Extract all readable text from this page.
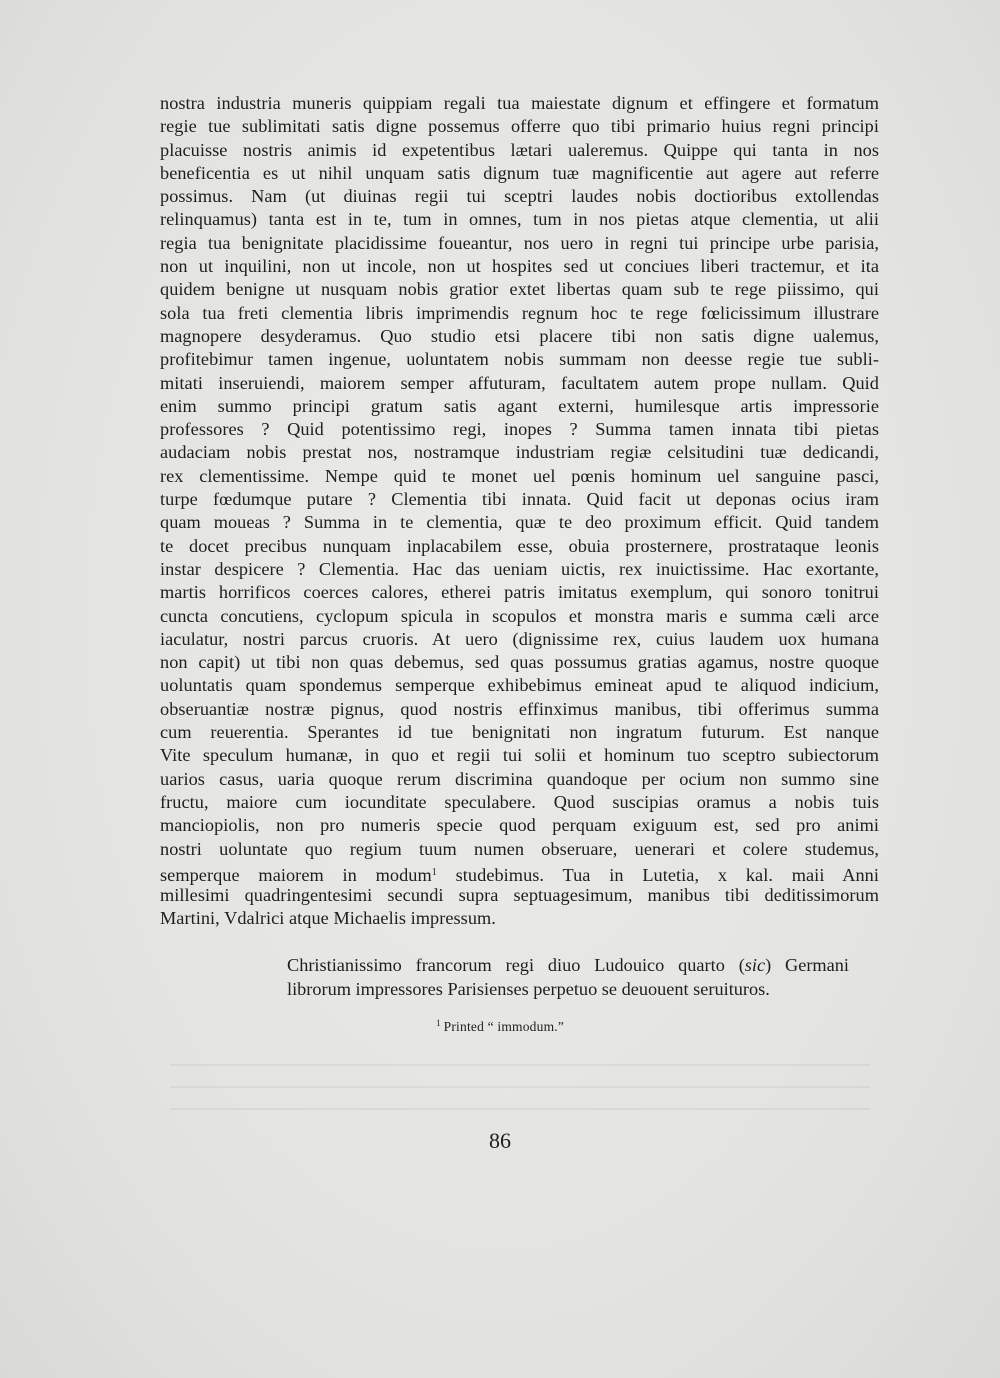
nostra industria muneris quippiam regali tua maiestate dignum et effingere et formatum
regie tue sublimitati satis digne possemus offerre quo tibi primario huius regni principi
placuisse nostris animis id expetentibus lætari ualeremus. Quippe qui tanta in nos
beneficentia es ut nihil unquam satis dignum tuæ magnificentie aut agere aut referre
possimus. Nam (ut diuinas regii tui sceptri laudes nobis doctioribus extollendas
relinquamus) tanta est in te, tum in omnes, tum in nos pietas atque clementia, ut alii
regia tua benignitate placidissime foueantur, nos uero in regni tui principe urbe parisia,
non ut inquilini, non ut incole, non ut hospites sed ut conciues liberi tractemur, et ita
quidem benigne ut nusquam nobis gratior extet libertas quam sub te rege piissimo, qui
sola tua freti clementia libris imprimendis regnum hoc te rege fœlicissimum illustrare
magnopere desyderamus. Quo studio etsi placere tibi non satis digne ualemus,
profitebimur tamen ingenue, uoluntatem nobis summam non deesse regie tue subli-
mitati inseruiendi, maiorem semper affuturam, facultatem autem prope nullam. Quid
enim summo principi gratum satis agant externi, humilesque artis impressorie
professores ? Quid potentissimo regi, inopes ? Summa tamen innata tibi pietas
audaciam nobis prestat nos, nostramque industriam regiæ celsitudini tuæ dedicandi,
rex clementissime. Nempe quid te monet uel pœnis hominum uel sanguine pasci,
turpe fœdumque putare ? Clementia tibi innata. Quid facit ut deponas ocius iram
quam moueas ? Summa in te clementia, quæ te deo proximum efficit. Quid tandem
te docet precibus nunquam inplacabilem esse, obuia prosternere, prostrataque leonis
instar despicere ? Clementia. Hac das ueniam uictis, rex inuictissime. Hac exortante,
martis horrificos coerces calores, etherei patris imitatus exemplum, qui sonoro tonitrui
cuncta concutiens, cyclopum spicula in scopulos et monstra maris e summa cæli arce
iaculatur, nostri parcus cruoris. At uero (dignissime rex, cuius laudem uox humana
non capit) ut tibi non quas debemus, sed quas possumus gratias agamus, nostre quoque
uoluntatis quam spondemus semperque exhibebimus emineat apud te aliquod indicium,
obseruantiæ nostræ pignus, quod nostris effinximus manibus, tibi offerimus summa
cum reuerentia. Sperantes id tue benignitati non ingratum futurum. Est nanque
Vite speculum humanæ, in quo et regii tui solii et hominum tuo sceptro subiectorum
uarios casus, uaria quoque rerum discrimina quandoque per ocium non summo sine
fructu, maiore cum iocunditate speculabere. Quod suscipias oramus a nobis tuis
manciopiolis, non pro numeris specie quod perquam exiguum est, sed pro animi
nostri uoluntate quo regium tuum numen obseruare, uenerari et colere studemus,
semperque maiorem in modum$^1$ studebimus. Tua in Lutetia, x kal. maii Anni
millesimi quadringentesimi secundi supra septuagesimum, manibus tibi deditissimorum
Martini, Vdalrici atque Michaelis impressum.
Christianissimo francorum regi diuo Ludouico quarto (sic) Germani
librorum impressores Parisienses perpetuo se deuouent seruituros.
$^1$ Printed “ immodum.”
86
